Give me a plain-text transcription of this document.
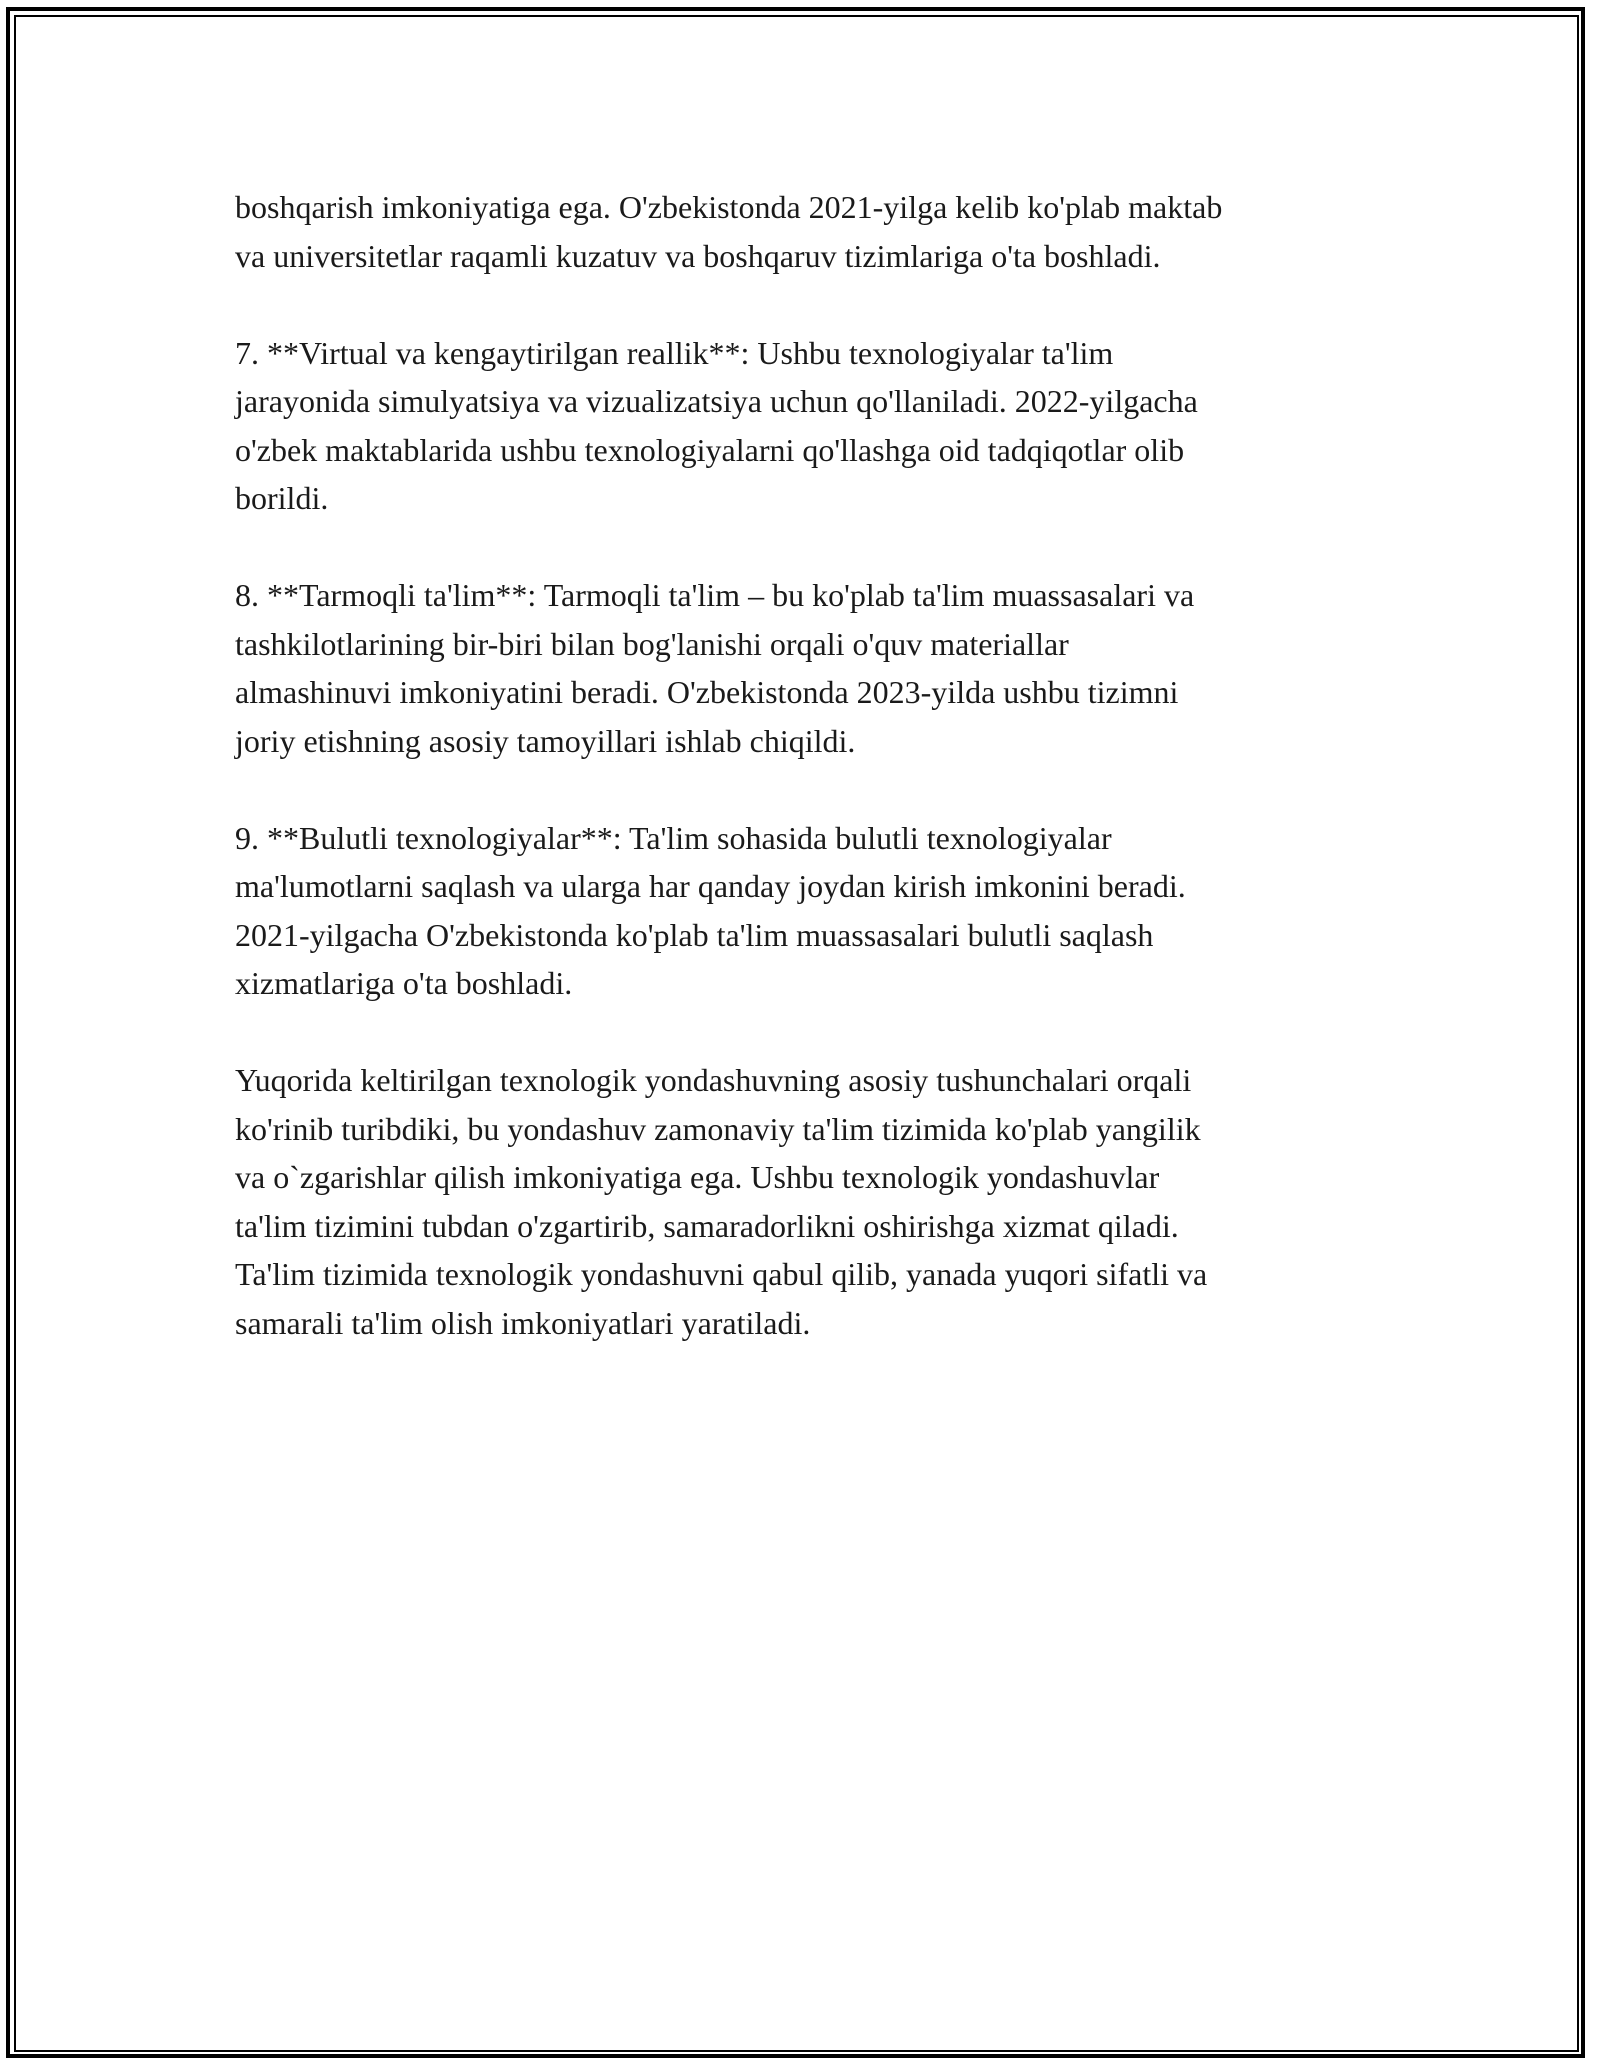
boshqarish imkoniyatiga ega. O'zbekistonda 2021-yilga kelib ko'plab maktab
va universitetlar raqamli kuzatuv va boshqaruv tizimlariga o'ta boshladi.

7. **Virtual va kengaytirilgan reallik**: Ushbu texnologiyalar ta'lim
jarayonida simulyatsiya va vizualizatsiya uchun qo'llaniladi. 2022-yilgacha
o'zbek maktablarida ushbu texnologiyalarni qo'llashga oid tadqiqotlar olib
borildi.

8. **Tarmoqli ta'lim**: Tarmoqli ta'lim – bu ko'plab ta'lim muassasalari va
tashkilotlarining bir-biri bilan bog'lanishi orqali o'quv materiallar
almashinuvi imkoniyatini beradi. O'zbekistonda 2023-yilda ushbu tizimni
joriy etishning asosiy tamoyillari ishlab chiqildi.

9. **Bulutli texnologiyalar**: Ta'lim sohasida bulutli texnologiyalar
ma'lumotlarni saqlash va ularga har qanday joydan kirish imkonini beradi.
2021-yilgacha O'zbekistonda ko'plab ta'lim muassasalari bulutli saqlash
xizmatlariga o'ta boshladi.

Yuqorida keltirilgan texnologik yondashuvning asosiy tushunchalari orqali
ko'rinib turibdiki, bu yondashuv zamonaviy ta'lim tizimida ko'plab yangilik
va o`zgarishlar qilish imkoniyatiga ega. Ushbu texnologik yondashuvlar
ta'lim tizimini tubdan o'zgartirib, samaradorlikni oshirishga xizmat qiladi.
Ta'lim tizimida texnologik yondashuvni qabul qilib, yanada yuqori sifatli va
samarali ta'lim olish imkoniyatlari yaratiladi.
